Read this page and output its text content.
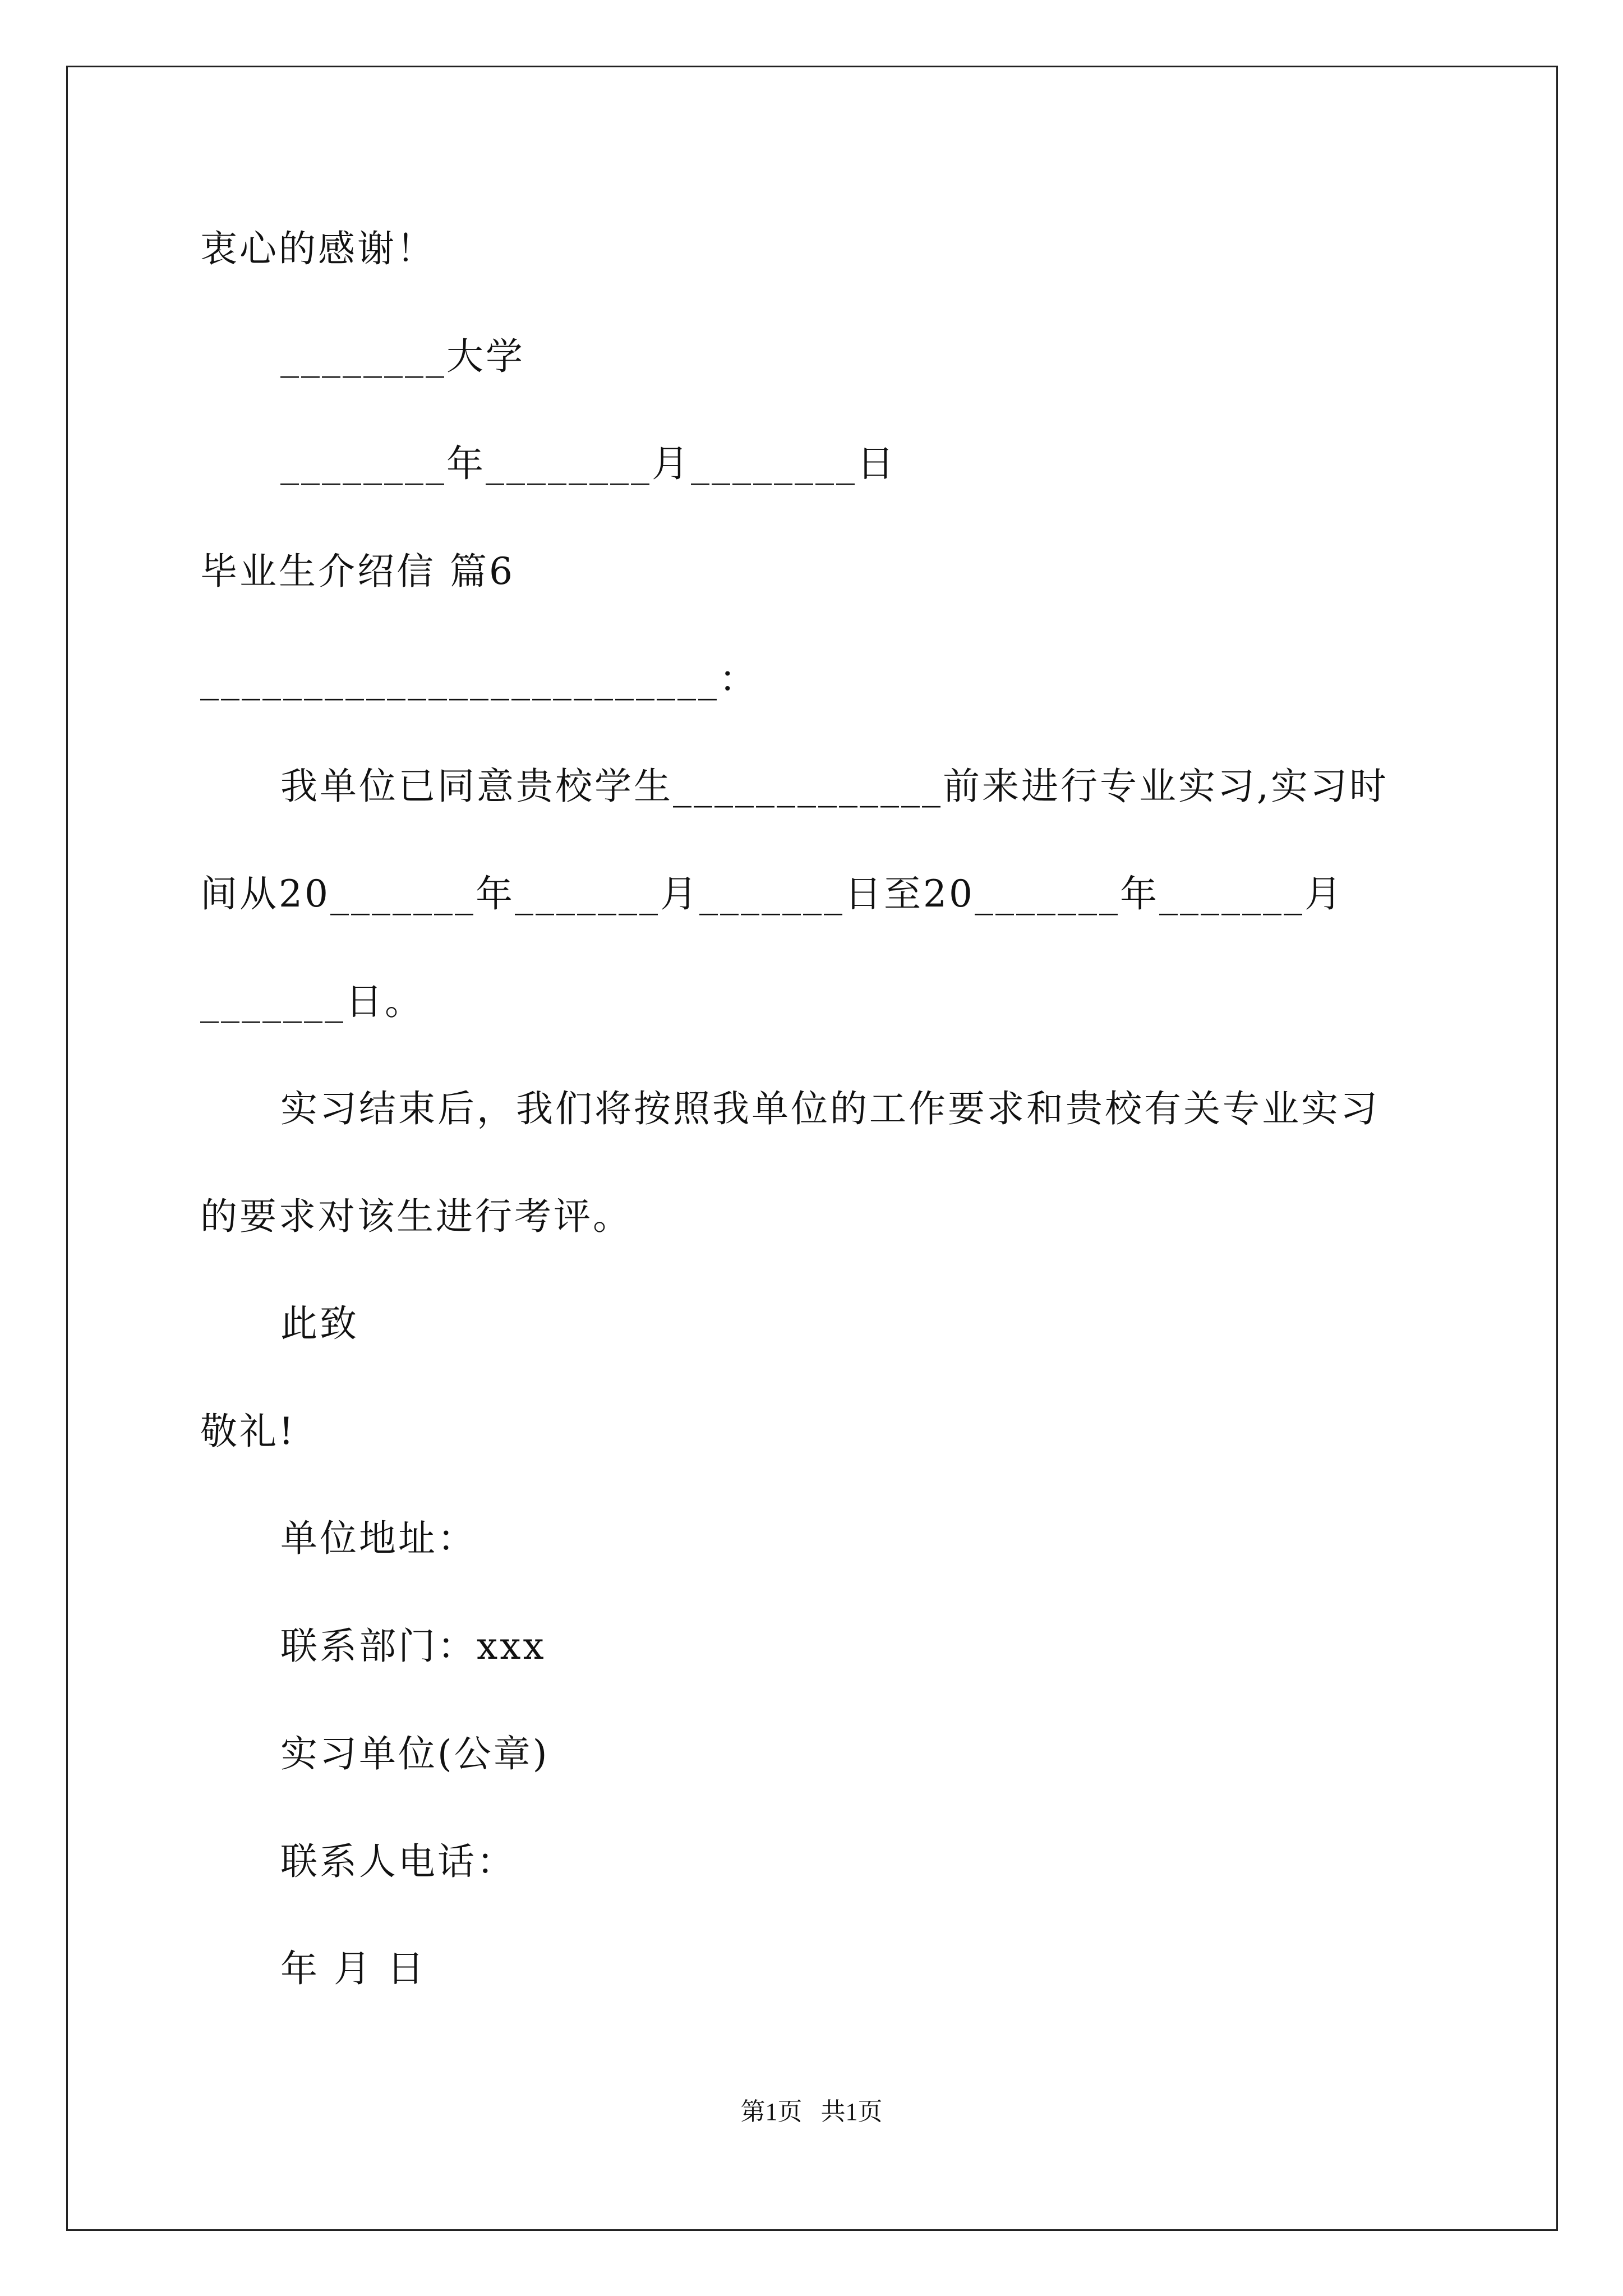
衷心的感谢！
________大学
________年________月________日
毕业生介绍信 篇6
_________________________：
我单位已同意贵校学生_____________前来进行专业实习,实习时
间从20_______年_______月_______日至20_______年_______月
_______日。
实习结束后，我们将按照我单位的工作要求和贵校有关专业实习
的要求对该生进行考评。
此致
敬礼!
单位地址：
联系部门：xxx
实习单位(公章)
联系人电话：
年 月 日
第1页   共1页
